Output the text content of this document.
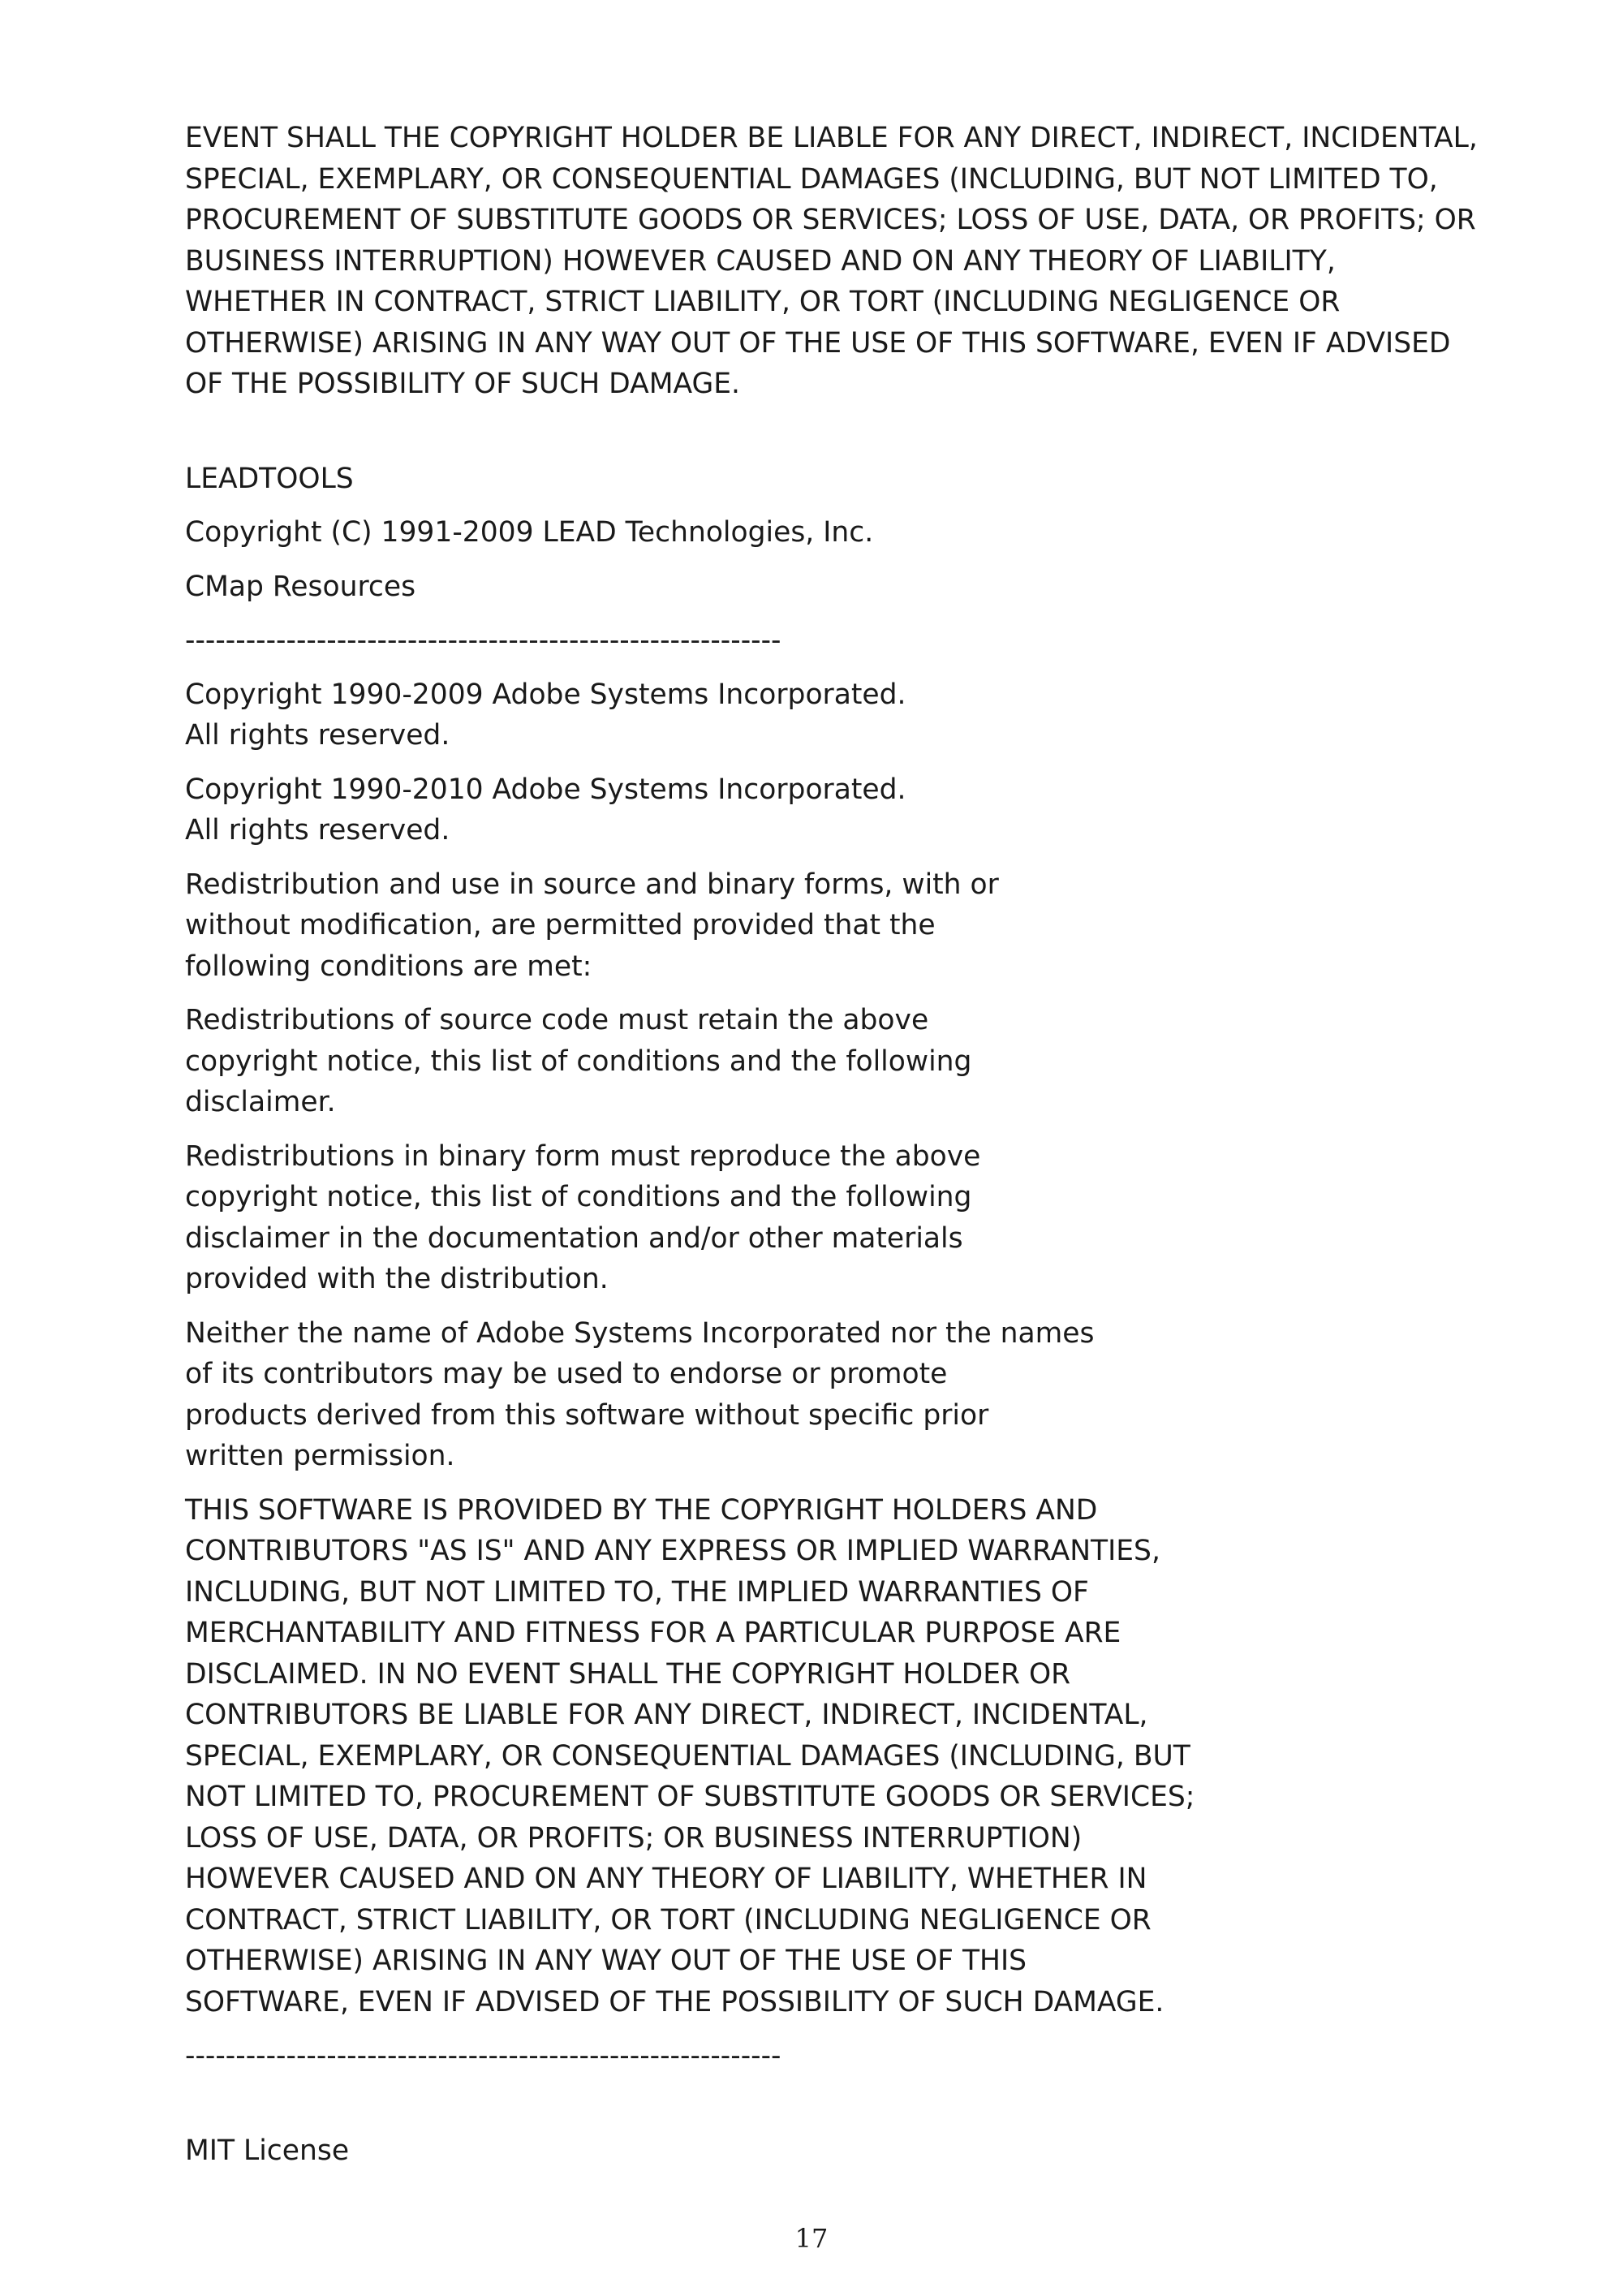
EVENT SHALL THE COPYRIGHT HOLDER BE LIABLE FOR ANY DIRECT, INDIRECT, INCIDENTAL,
SPECIAL, EXEMPLARY, OR CONSEQUENTIAL DAMAGES (INCLUDING, BUT NOT LIMITED TO,
PROCUREMENT OF SUBSTITUTE GOODS OR SERVICES; LOSS OF USE, DATA, OR PROFITS; OR
BUSINESS INTERRUPTION) HOWEVER CAUSED AND ON ANY THEORY OF LIABILITY,
WHETHER IN CONTRACT, STRICT LIABILITY, OR TORT (INCLUDING NEGLIGENCE OR
OTHERWISE) ARISING IN ANY WAY OUT OF THE USE OF THIS SOFTWARE, EVEN IF ADVISED
OF THE POSSIBILITY OF SUCH DAMAGE.
LEADTOOLS
Copyright (C) 1991-2009 LEAD Technologies, Inc.
CMap Resources
-----------------------------------------------------------
Copyright 1990-2009 Adobe Systems Incorporated.
All rights reserved.
Copyright 1990-2010 Adobe Systems Incorporated.
All rights reserved.
Redistribution and use in source and binary forms, with or
without modification, are permitted provided that the
following conditions are met:
Redistributions of source code must retain the above
copyright notice, this list of conditions and the following
disclaimer.
Redistributions in binary form must reproduce the above
copyright notice, this list of conditions and the following
disclaimer in the documentation and/or other materials
provided with the distribution.
Neither the name of Adobe Systems Incorporated nor the names
of its contributors may be used to endorse or promote
products derived from this software without specific prior
written permission.
THIS SOFTWARE IS PROVIDED BY THE COPYRIGHT HOLDERS AND
CONTRIBUTORS "AS IS" AND ANY EXPRESS OR IMPLIED WARRANTIES,
INCLUDING, BUT NOT LIMITED TO, THE IMPLIED WARRANTIES OF
MERCHANTABILITY AND FITNESS FOR A PARTICULAR PURPOSE ARE
DISCLAIMED. IN NO EVENT SHALL THE COPYRIGHT HOLDER OR
CONTRIBUTORS BE LIABLE FOR ANY DIRECT, INDIRECT, INCIDENTAL,
SPECIAL, EXEMPLARY, OR CONSEQUENTIAL DAMAGES (INCLUDING, BUT
NOT LIMITED TO, PROCUREMENT OF SUBSTITUTE GOODS OR SERVICES;
LOSS OF USE, DATA, OR PROFITS; OR BUSINESS INTERRUPTION)
HOWEVER CAUSED AND ON ANY THEORY OF LIABILITY, WHETHER IN
CONTRACT, STRICT LIABILITY, OR TORT (INCLUDING NEGLIGENCE OR
OTHERWISE) ARISING IN ANY WAY OUT OF THE USE OF THIS
SOFTWARE, EVEN IF ADVISED OF THE POSSIBILITY OF SUCH DAMAGE.
-----------------------------------------------------------
MIT License
17
